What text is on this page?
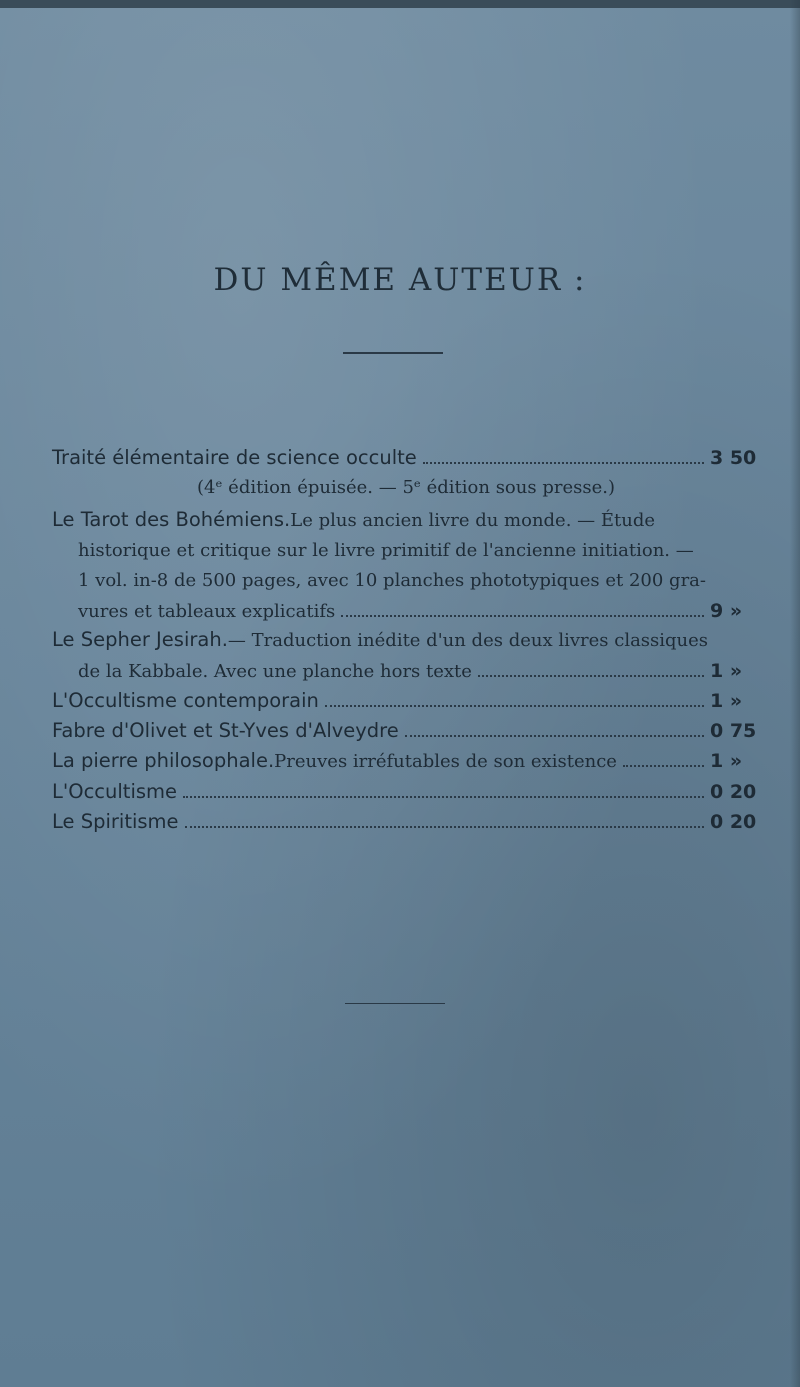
DU MÊME AUTEUR :
Traité élémentaire de science occulte	3 50
(4ᵉ édition épuisée. — 5ᵉ édition sous presse.)
Le Tarot des Bohémiens. Le plus ancien livre du monde. — Étude
historique et critique sur le livre primitif de l'ancienne initiation. —
1 vol. in-8 de 500 pages, avec 10 planches phototypiques et 200 gra-
vures et tableaux explicatifs	9 »
Le Sepher Jesirah. — Traduction inédite d'un des deux livres classiques
de la Kabbale. Avec une planche hors texte	1 »
L'Occultisme contemporain	1 »
Fabre d'Olivet et St-Yves d'Alveydre	0 75
La pierre philosophale. Preuves irréfutables de son existence	1 »
L'Occultisme	0 20
Le Spiritisme	0 20
